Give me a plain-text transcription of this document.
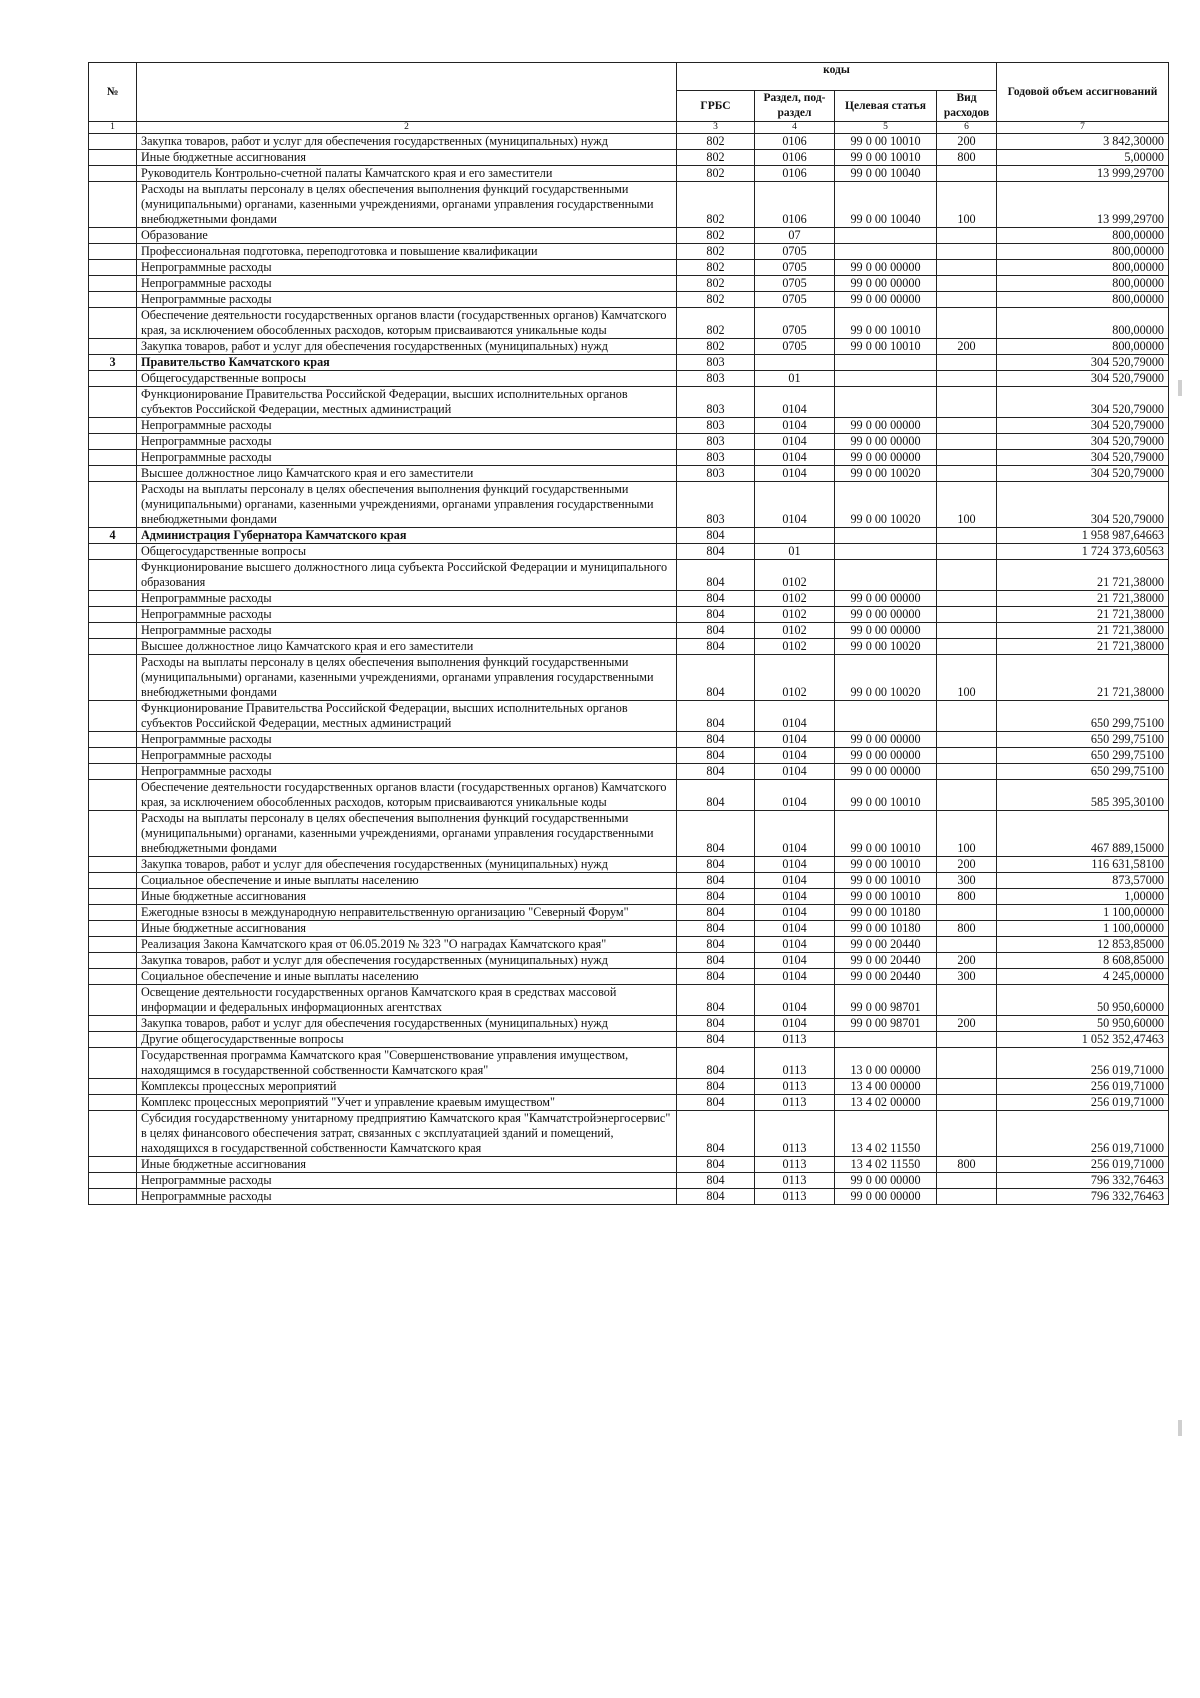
№		коды				Годовой объем ассигнований
		ГРБС	Раздел, под-раздел	Целевая статья	Вид расходов	
1	2	3	4	5	6	7
	Закупка товаров, работ и услуг для обеспечения государственных (муниципальных) нужд	802	0106	99 0 00 10010	200	3 842,30000
	Иные бюджетные ассигнования	802	0106	99 0 00 10010	800	5,00000
	Руководитель Контрольно-счетной палаты Камчатского края и его заместители	802	0106	99 0 00 10040		13 999,29700
	Расходы на выплаты персоналу в целях обеспечения выполнения функций государственными (муниципальными) органами, казенными учреждениями, органами управления государственными внебюджетными фондами	802	0106	99 0 00 10040	100	13 999,29700
	Образование	802	07			800,00000
	Профессиональная подготовка, переподготовка и повышение квалификации	802	0705			800,00000
	Непрограммные расходы	802	0705	99 0 00 00000		800,00000
	Непрограммные расходы	802	0705	99 0 00 00000		800,00000
	Непрограммные расходы	802	0705	99 0 00 00000		800,00000
	Обеспечение деятельности государственных органов власти (государственных органов) Камчатского края, за исключением обособленных расходов, которым присваиваются уникальные коды	802	0705	99 0 00 10010		800,00000
	Закупка товаров, работ и услуг для обеспечения государственных (муниципальных) нужд	802	0705	99 0 00 10010	200	800,00000
3	Правительство Камчатского края	803				304 520,79000
	Общегосударственные вопросы	803	01			304 520,79000
	Функционирование Правительства Российской Федерации, высших исполнительных органов субъектов Российской Федерации, местных администраций	803	0104			304 520,79000
	Непрограммные расходы	803	0104	99 0 00 00000		304 520,79000
	Непрограммные расходы	803	0104	99 0 00 00000		304 520,79000
	Непрограммные расходы	803	0104	99 0 00 00000		304 520,79000
	Высшее должностное лицо Камчатского края и его заместители	803	0104	99 0 00 10020		304 520,79000
	Расходы на выплаты персоналу в целях обеспечения выполнения функций государственными (муниципальными) органами, казенными учреждениями, органами управления государственными внебюджетными фондами	803	0104	99 0 00 10020	100	304 520,79000
4	Администрация Губернатора Камчатского края	804				1 958 987,64663
	Общегосударственные вопросы	804	01			1 724 373,60563
	Функционирование высшего должностного лица субъекта Российской Федерации и муниципального образования	804	0102			21 721,38000
	Непрограммные расходы	804	0102	99 0 00 00000		21 721,38000
	Непрограммные расходы	804	0102	99 0 00 00000		21 721,38000
	Непрограммные расходы	804	0102	99 0 00 00000		21 721,38000
	Высшее должностное лицо Камчатского края и его заместители	804	0102	99 0 00 10020		21 721,38000
	Расходы на выплаты персоналу в целях обеспечения выполнения функций государственными (муниципальными) органами, казенными учреждениями, органами управления государственными внебюджетными фондами	804	0102	99 0 00 10020	100	21 721,38000
	Функционирование Правительства Российской Федерации, высших исполнительных органов субъектов Российской Федерации, местных администраций	804	0104			650 299,75100
	Непрограммные расходы	804	0104	99 0 00 00000		650 299,75100
	Непрограммные расходы	804	0104	99 0 00 00000		650 299,75100
	Непрограммные расходы	804	0104	99 0 00 00000		650 299,75100
	Обеспечение деятельности государственных органов власти (государственных органов) Камчатского края, за исключением обособленных расходов, которым присваиваются уникальные коды	804	0104	99 0 00 10010		585 395,30100
	Расходы на выплаты персоналу в целях обеспечения выполнения функций государственными (муниципальными) органами, казенными учреждениями, органами управления государственными внебюджетными фондами	804	0104	99 0 00 10010	100	467 889,15000
	Закупка товаров, работ и услуг для обеспечения государственных (муниципальных) нужд	804	0104	99 0 00 10010	200	116 631,58100
	Социальное обеспечение и иные выплаты населению	804	0104	99 0 00 10010	300	873,57000
	Иные бюджетные ассигнования	804	0104	99 0 00 10010	800	1,00000
	Ежегодные взносы в международную неправительственную организацию "Северный Форум"	804	0104	99 0 00 10180		1 100,00000
	Иные бюджетные ассигнования	804	0104	99 0 00 10180	800	1 100,00000
	Реализация Закона Камчатского края от 06.05.2019 № 323 "О наградах Камчатского края"	804	0104	99 0 00 20440		12 853,85000
	Закупка товаров, работ и услуг для обеспечения государственных (муниципальных) нужд	804	0104	99 0 00 20440	200	8 608,85000
	Социальное обеспечение и иные выплаты населению	804	0104	99 0 00 20440	300	4 245,00000
	Освещение деятельности государственных органов Камчатского края в средствах массовой информации и федеральных информационных агентствах	804	0104	99 0 00 98701		50 950,60000
	Закупка товаров, работ и услуг для обеспечения государственных (муниципальных) нужд	804	0104	99 0 00 98701	200	50 950,60000
	Другие общегосударственные вопросы	804	0113			1 052 352,47463
	Государственная программа Камчатского края "Совершенствование управления имуществом, находящимся в государственной собственности Камчатского края"	804	0113	13 0 00 00000		256 019,71000
	Комплексы процессных мероприятий	804	0113	13 4 00 00000		256 019,71000
	Комплекс процессных мероприятий "Учет и управление краевым имуществом"	804	0113	13 4 02 00000		256 019,71000
	Субсидия государственному унитарному предприятию Камчатского края "Камчатстройэнергосервис" в целях финансового обеспечения затрат, связанных с эксплуатацией зданий и помещений, находящихся в государственной собственности Камчатского края	804	0113	13 4 02 11550		256 019,71000
	Иные бюджетные ассигнования	804	0113	13 4 02 11550	800	256 019,71000
	Непрограммные расходы	804	0113	99 0 00 00000		796 332,76463
	Непрограммные расходы	804	0113	99 0 00 00000		796 332,76463
